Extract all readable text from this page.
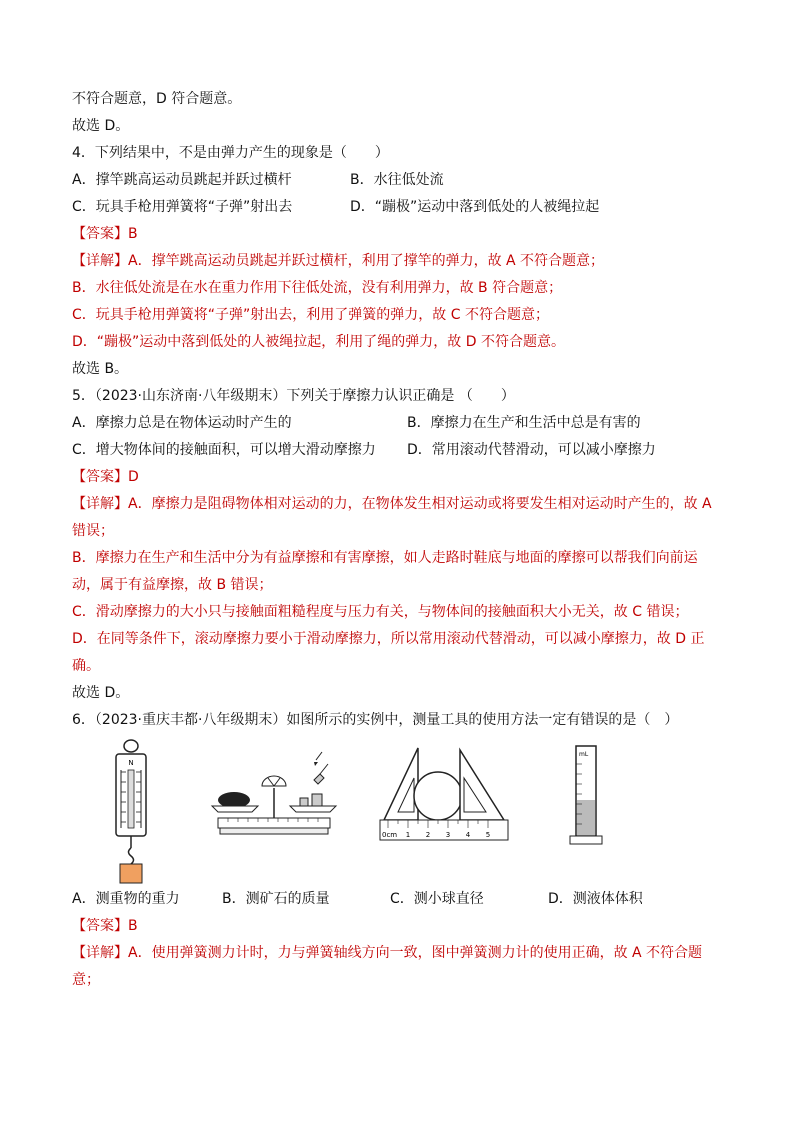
不符合题意，D 符合题意。
故选 D。
4．下列结果中，不是由弹力产生的现象是（　　）
A．撑竿跳高运动员跳起并跃过横杆	B．水往低处流
C．玩具手枪用弹簧将“子弹”射出去	D．“蹦极”运动中落到低处的人被绳拉起
【答案】B
【详解】A．撑竿跳高运动员跳起并跃过横杆，利用了撑竿的弹力，故 A 不符合题意；
B．水往低处流是在水在重力作用下往低处流，没有利用弹力，故 B 符合题意；
C．玩具手枪用弹簧将“子弹”射出去，利用了弹簧的弹力，故 C 不符合题意；
D．“蹦极”运动中落到低处的人被绳拉起，利用了绳的弹力，故 D 不符合题意。
故选 B。
5．（2023·山东济南·八年级期末）下列关于摩擦力认识正确是 （　　）
A．摩擦力总是在物体运动时产生的	B．摩擦力在生产和生活中总是有害的
C．增大物体间的接触面积，可以增大滑动摩擦力	D．常用滚动代替滑动，可以减小摩擦力
【答案】D
【详解】A．摩擦力是阻碍物体相对运动的力，在物体发生相对运动或将要发生相对运动时产生的，故 A
错误；
B．摩擦力在生产和生活中分为有益摩擦和有害摩擦，如人走路时鞋底与地面的摩擦可以帮我们向前运
动，属于有益摩擦，故 B 错误；
C．滑动摩擦力的大小只与接触面粗糙程度与压力有关，与物体间的接触面积大小无关，故 C 错误；
D．在同等条件下，滚动摩擦力要小于滑动摩擦力，所以常用滚动代替滑动，可以减小摩擦力，故 D 正
确。
故选 D。
6．（2023·重庆丰都·八年级期末）如图所示的实例中，测量工具的使用方法一定有错误的是（　）
N
0cm 1 2 3 4 5
mL
A．测重物的重力	B．测矿石的质量	C．测小球直径	D．测液体体积
【答案】B
【详解】A．使用弹簧测力计时，力与弹簧轴线方向一致，图中弹簧测力计的使用正确，故 A 不符合题
意；
